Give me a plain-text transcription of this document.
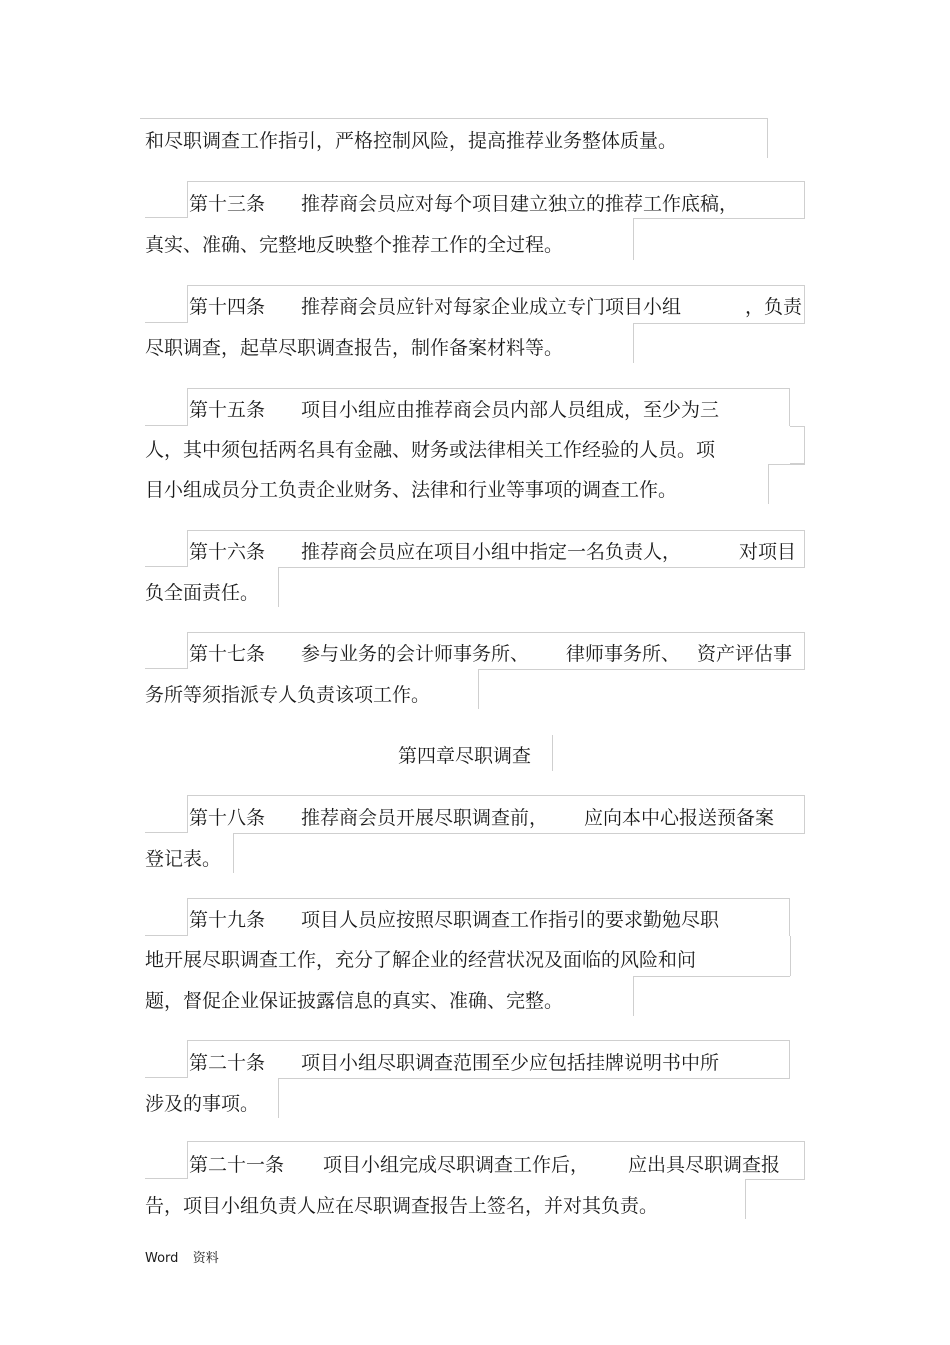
和尽职调查工作指引，严格控制风险，提高推荐业务整体质量。

第十三条 推荐商会员应对每个项目建立独立的推荐工作底稿，

真实、准确、完整地反映整个推荐工作的全过程。

第十四条 推荐商会员应针对每家企业成立专门项目小组	，负责

尽职调查，起草尽职调查报告，制作备案材料等。

第十五条 项目小组应由推荐商会员内部人员组成，至少为三

人，其中须包括两名具有金融、财务或法律相关工作经验的人员。项

目小组成员分工负责企业财务、法律和行业等事项的调查工作。

第十六条 推荐商会员应在项目小组中指定一名负责人，	对项目

负全面责任。

第十七条 参与业务的会计师事务所、 律师事务所、 资产评估事

务所等须指派专人负责该项工作。

第四章尽职调查

第十八条 推荐商会员开展尽职调查前， 应向本中心报送预备案

登记表。

第十九条 项目人员应按照尽职调查工作指引的要求勤勉尽职

地开展尽职调查工作，充分了解企业的经营状况及面临的风险和问

题，督促企业保证披露信息的真实、准确、完整。

第二十条 项目小组尽职调查范围至少应包括挂牌说明书中所

涉及的事项。

第二十一条 项目小组完成尽职调查工作后， 应出具尽职调查报

告，项目小组负责人应在尽职调查报告上签名，并对其负责。

Word 资料
